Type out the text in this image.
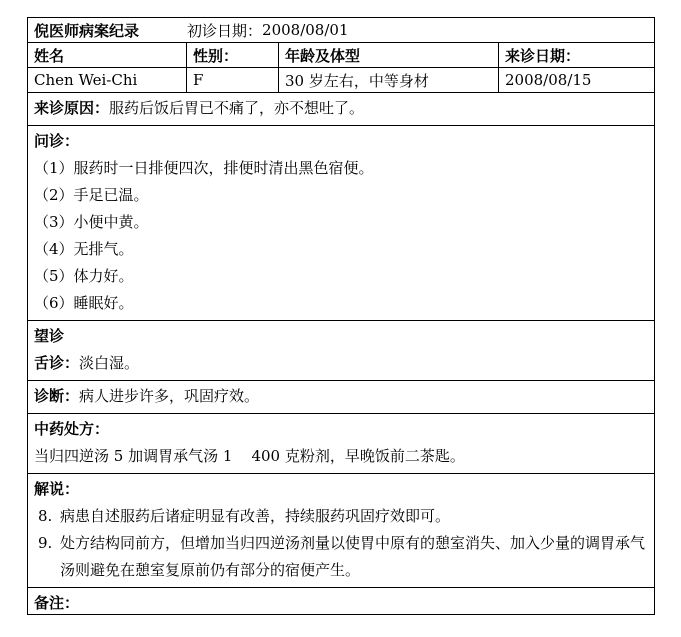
倪医师病案纪录	初诊日期： 2008/08/01
姓名	性别：	年龄及体型	来诊日期：
Chen Wei-Chi	F	30 岁左右，中等身材	2008/08/15
来诊原因：服药后饭后胃已不痛了，亦不想吐了。
问诊：
（1）服药时一日排便四次，排便时清出黑色宿便。
（2）手足已温。
（3）小便中黄。
（4）无排气。
（5）体力好。
（6）睡眠好。
望诊
舌诊：淡白湿。
诊断：病人进步许多，巩固疗效。
中药处方：
当归四逆汤 5 加调胃承气汤 1    400 克粉剂，早晚饭前二茶匙。
解说：
8. 病患自述服药后诸症明显有改善，持续服药巩固疗效即可。
9. 处方结构同前方，但增加当归四逆汤剂量以使胃中原有的憩室消失、加入少量的调胃承气汤则避免在憩室复原前仍有部分的宿便产生。
备注：
